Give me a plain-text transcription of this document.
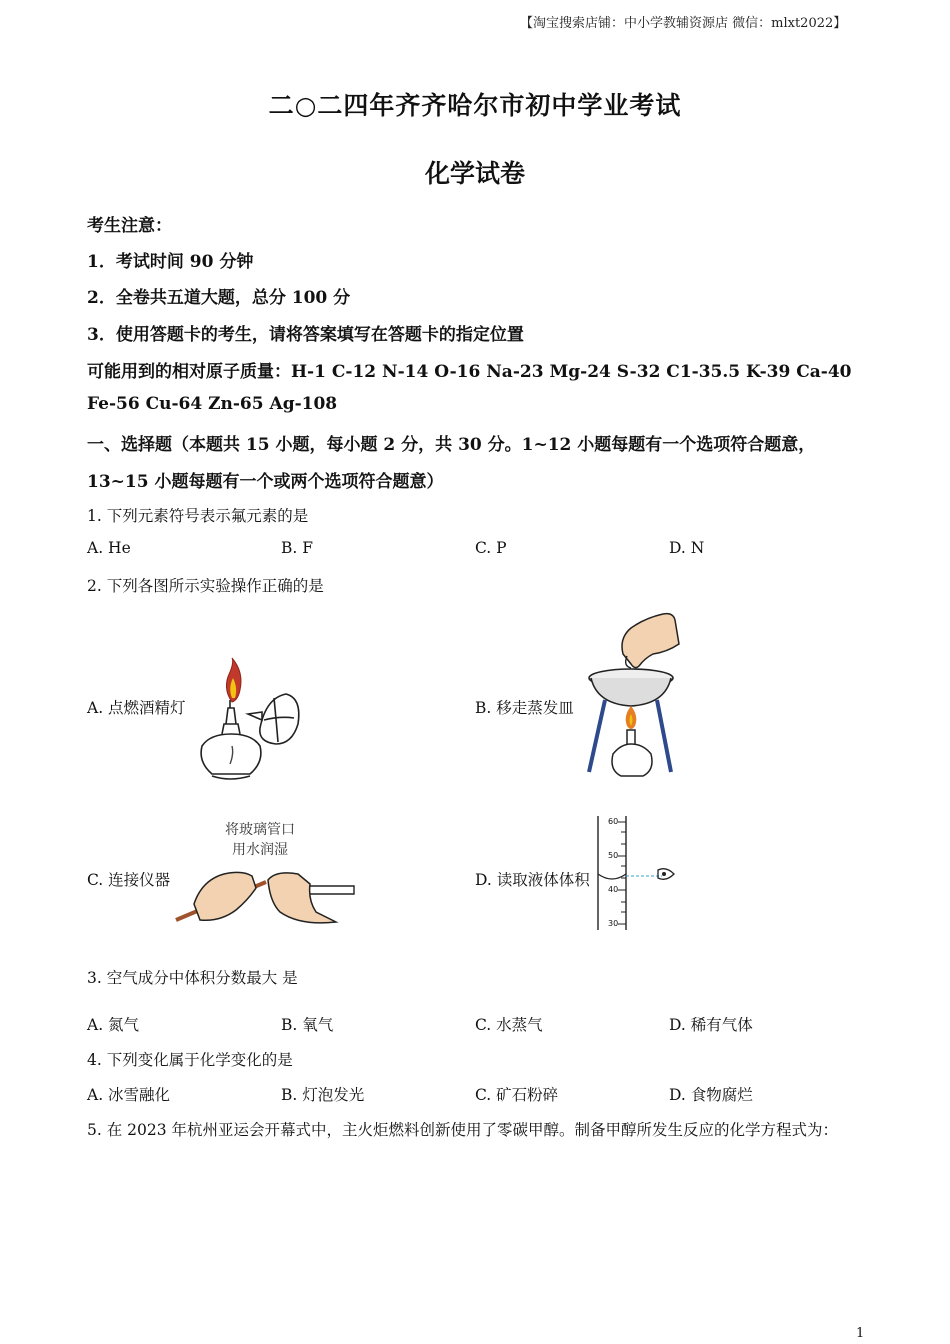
【淘宝搜索店铺：中小学教辅资源店 微信：mlxt2022】
二○二四年齐齐哈尔市初中学业考试
化学试卷
考生注意：
1．考试时间 90 分钟
2．全卷共五道大题，总分 100 分
3．使用答题卡的考生，请将答案填写在答题卡的指定位置
可能用到的相对原子质量：H-1 C-12 N-14 O-16 Na-23 Mg-24 S-32 C1-35.5 K-39 Ca-40
Fe-56 Cu-64 Zn-65 Ag-108
一、选择题（本题共 15 小题，每小题 2 分，共 30 分。1~12 小题每题有一个选项符合题意，
13~15 小题每题有一个或两个选项符合题意）
1. 下列元素符号表示氟元素的是
A. He	B. F	C. P	D. N
2. 下列各图所示实验操作正确的是
A. 点燃酒精灯	B. 移走蒸发皿
将玻璃管口
用水润湿
C. 连接仪器	D. 读取液体体积
60
50
40
30
3. 空气成分中体积分数最大 是
A. 氮气	B. 氧气	C. 水蒸气	D. 稀有气体
4. 下列变化属于化学变化的是
A. 冰雪融化	B. 灯泡发光	C. 矿石粉碎	D. 食物腐烂
5. 在 2023 年杭州亚运会开幕式中，主火炬燃料创新使用了零碳甲醇。制备甲醇所发生反应的化学方程式为：
1
